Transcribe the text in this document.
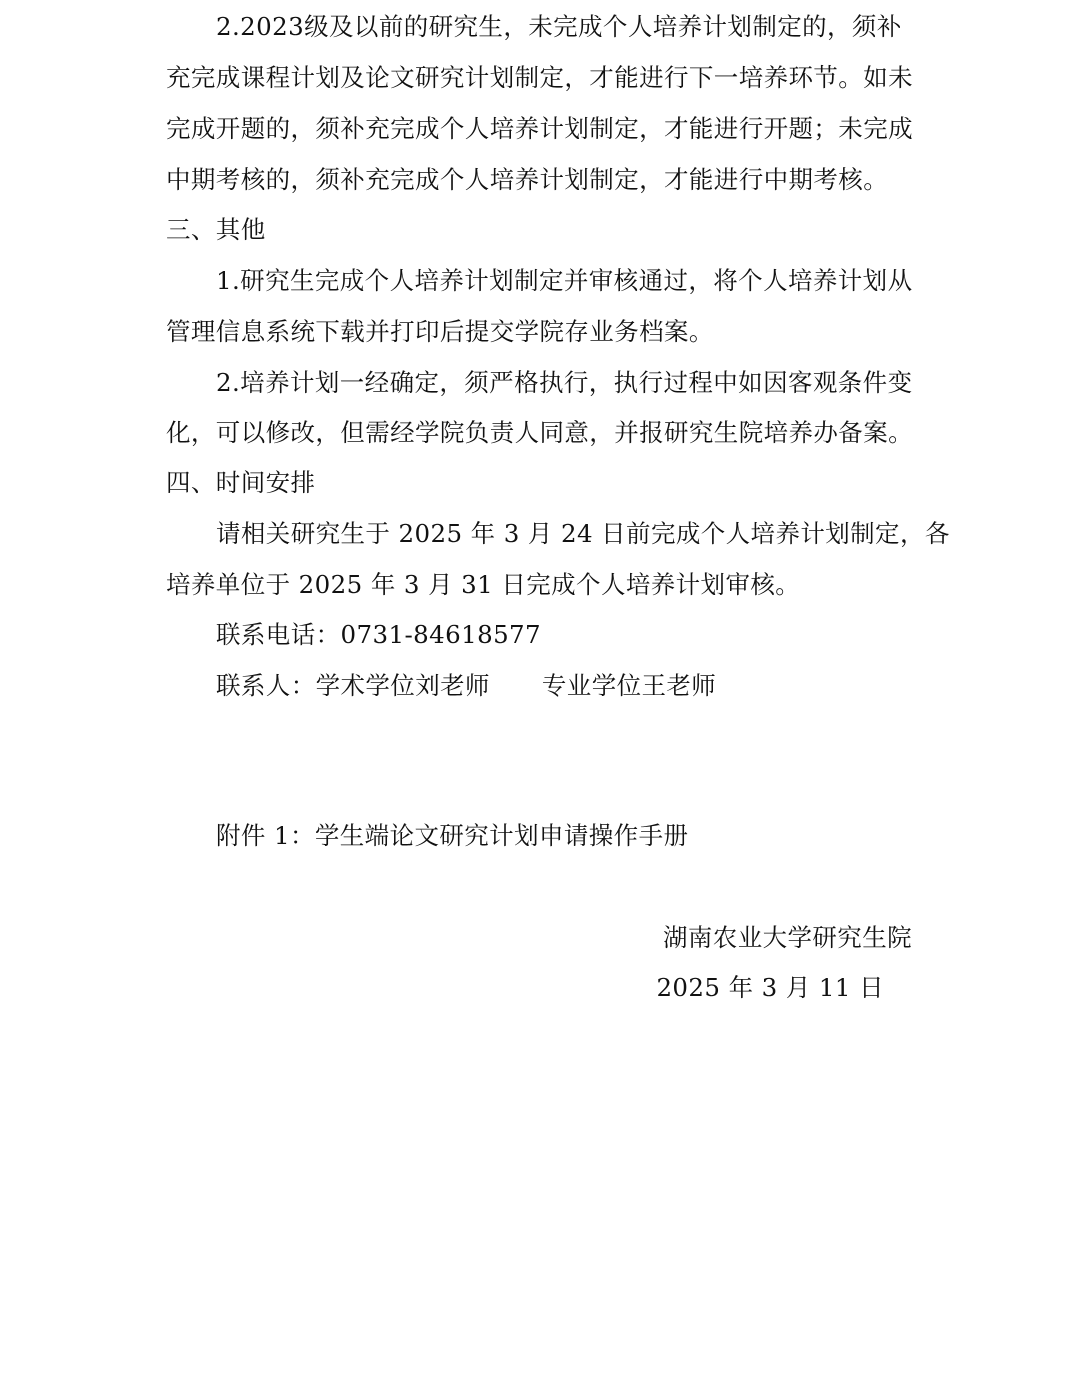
2.2023级及以前的研究生，未完成个人培养计划制定的，须补
充完成课程计划及论文研究计划制定，才能进行下一培养环节。如未
完成开题的，须补充完成个人培养计划制定，才能进行开题；未完成
中期考核的，须补充完成个人培养计划制定，才能进行中期考核。
三、其他
1.研究生完成个人培养计划制定并审核通过，将个人培养计划从
管理信息系统下载并打印后提交学院存业务档案。
2.培养计划一经确定，须严格执行，执行过程中如因客观条件变
化，可以修改，但需经学院负责人同意，并报研究生院培养办备案。
四、时间安排
请相关研究生于 2025 年 3 月 24 日前完成个人培养计划制定，各
培养单位于 2025 年 3 月 31 日完成个人培养计划审核。
联系电话：0731-84618577
联系人：学术学位刘老师 专业学位王老师
附件 1：学生端论文研究计划申请操作手册
湖南农业大学研究生院
2025 年 3 月 11 日
